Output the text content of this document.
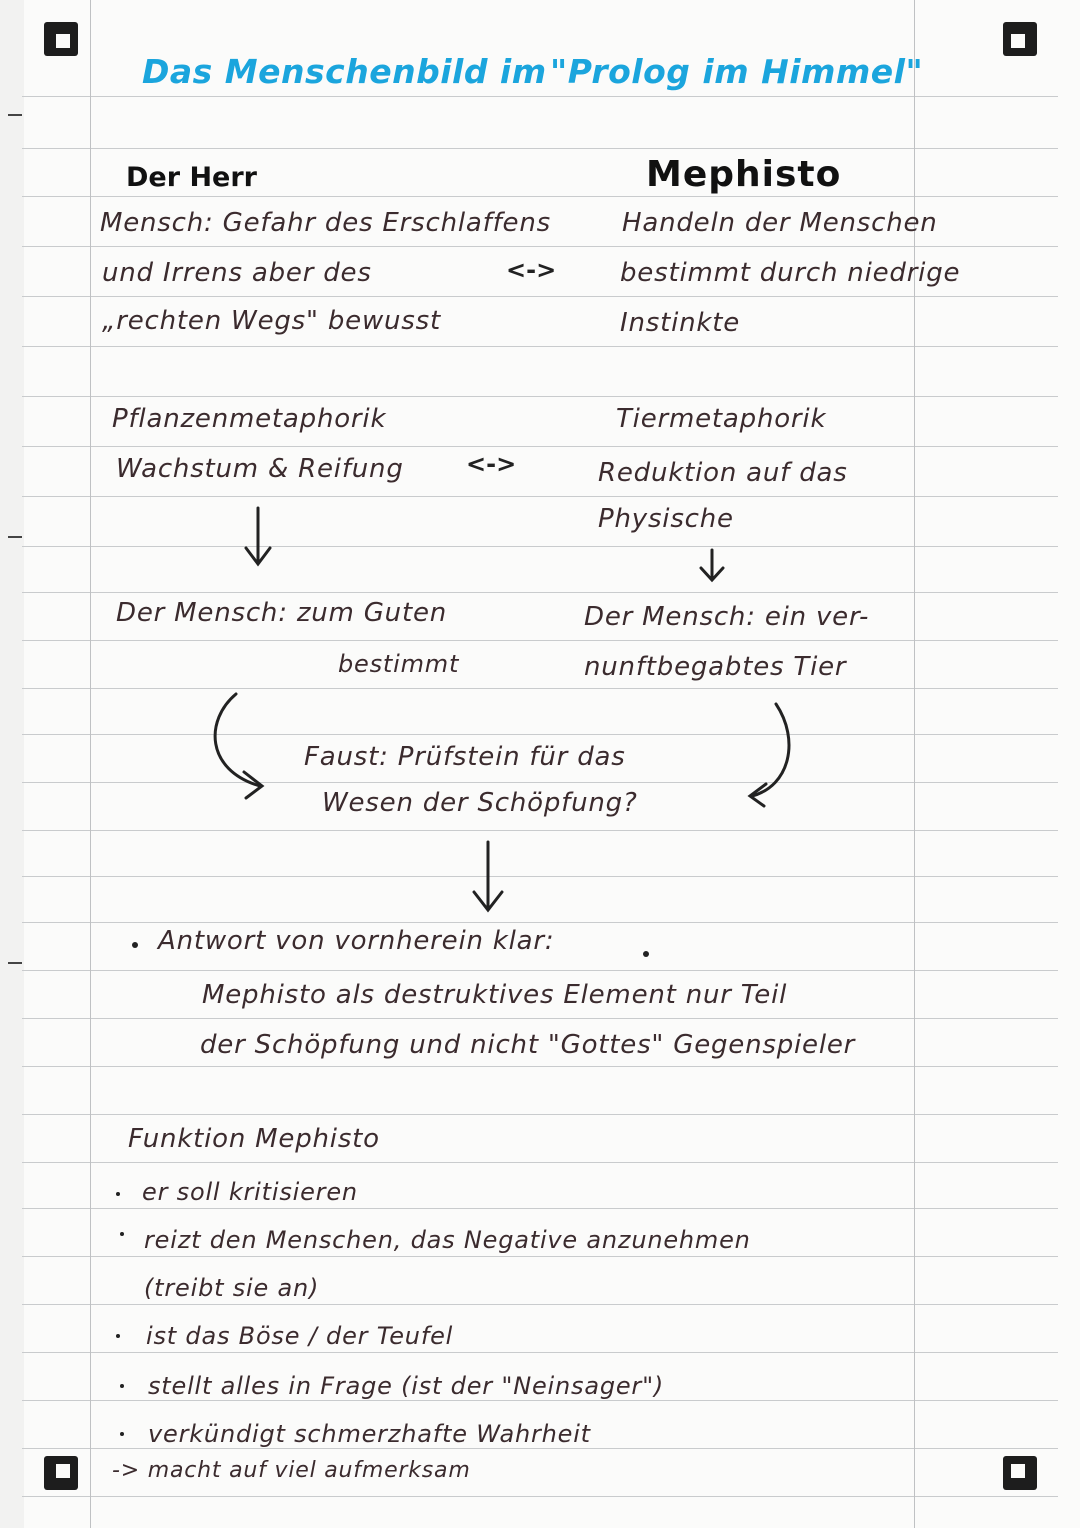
Das Menschenbild im "Prolog im Himmel"
Der Herr	Mephisto
Mensch: Gefahr des Erschlaffens
und Irrens aber des
„rechten Wegs" bewusst
<->
Handeln der Menschen
bestimmt durch niedrige
Instinkte
Pflanzenmetaphorik
Wachstum & Reifung	<->
Tiermetaphorik
Reduktion auf das
Physische
Der Mensch: zum Guten
bestimmt
Der Mensch: ein ver-
nunftbegabtes Tier
Faust: Prüfstein für das
Wesen der Schöpfung?
Antwort von vornherein klar:
Mephisto als destruktives Element nur Teil
der Schöpfung und nicht "Gottes" Gegenspieler
Funktion Mephisto
er soll kritisieren
reizt den Menschen, das Negative anzunehmen
(treibt sie an)
ist das Böse / der Teufel
stellt alles in Frage (ist der "Neinsager")
verkündigt schmerzhafte Wahrheit
-> macht auf viel aufmerksam
